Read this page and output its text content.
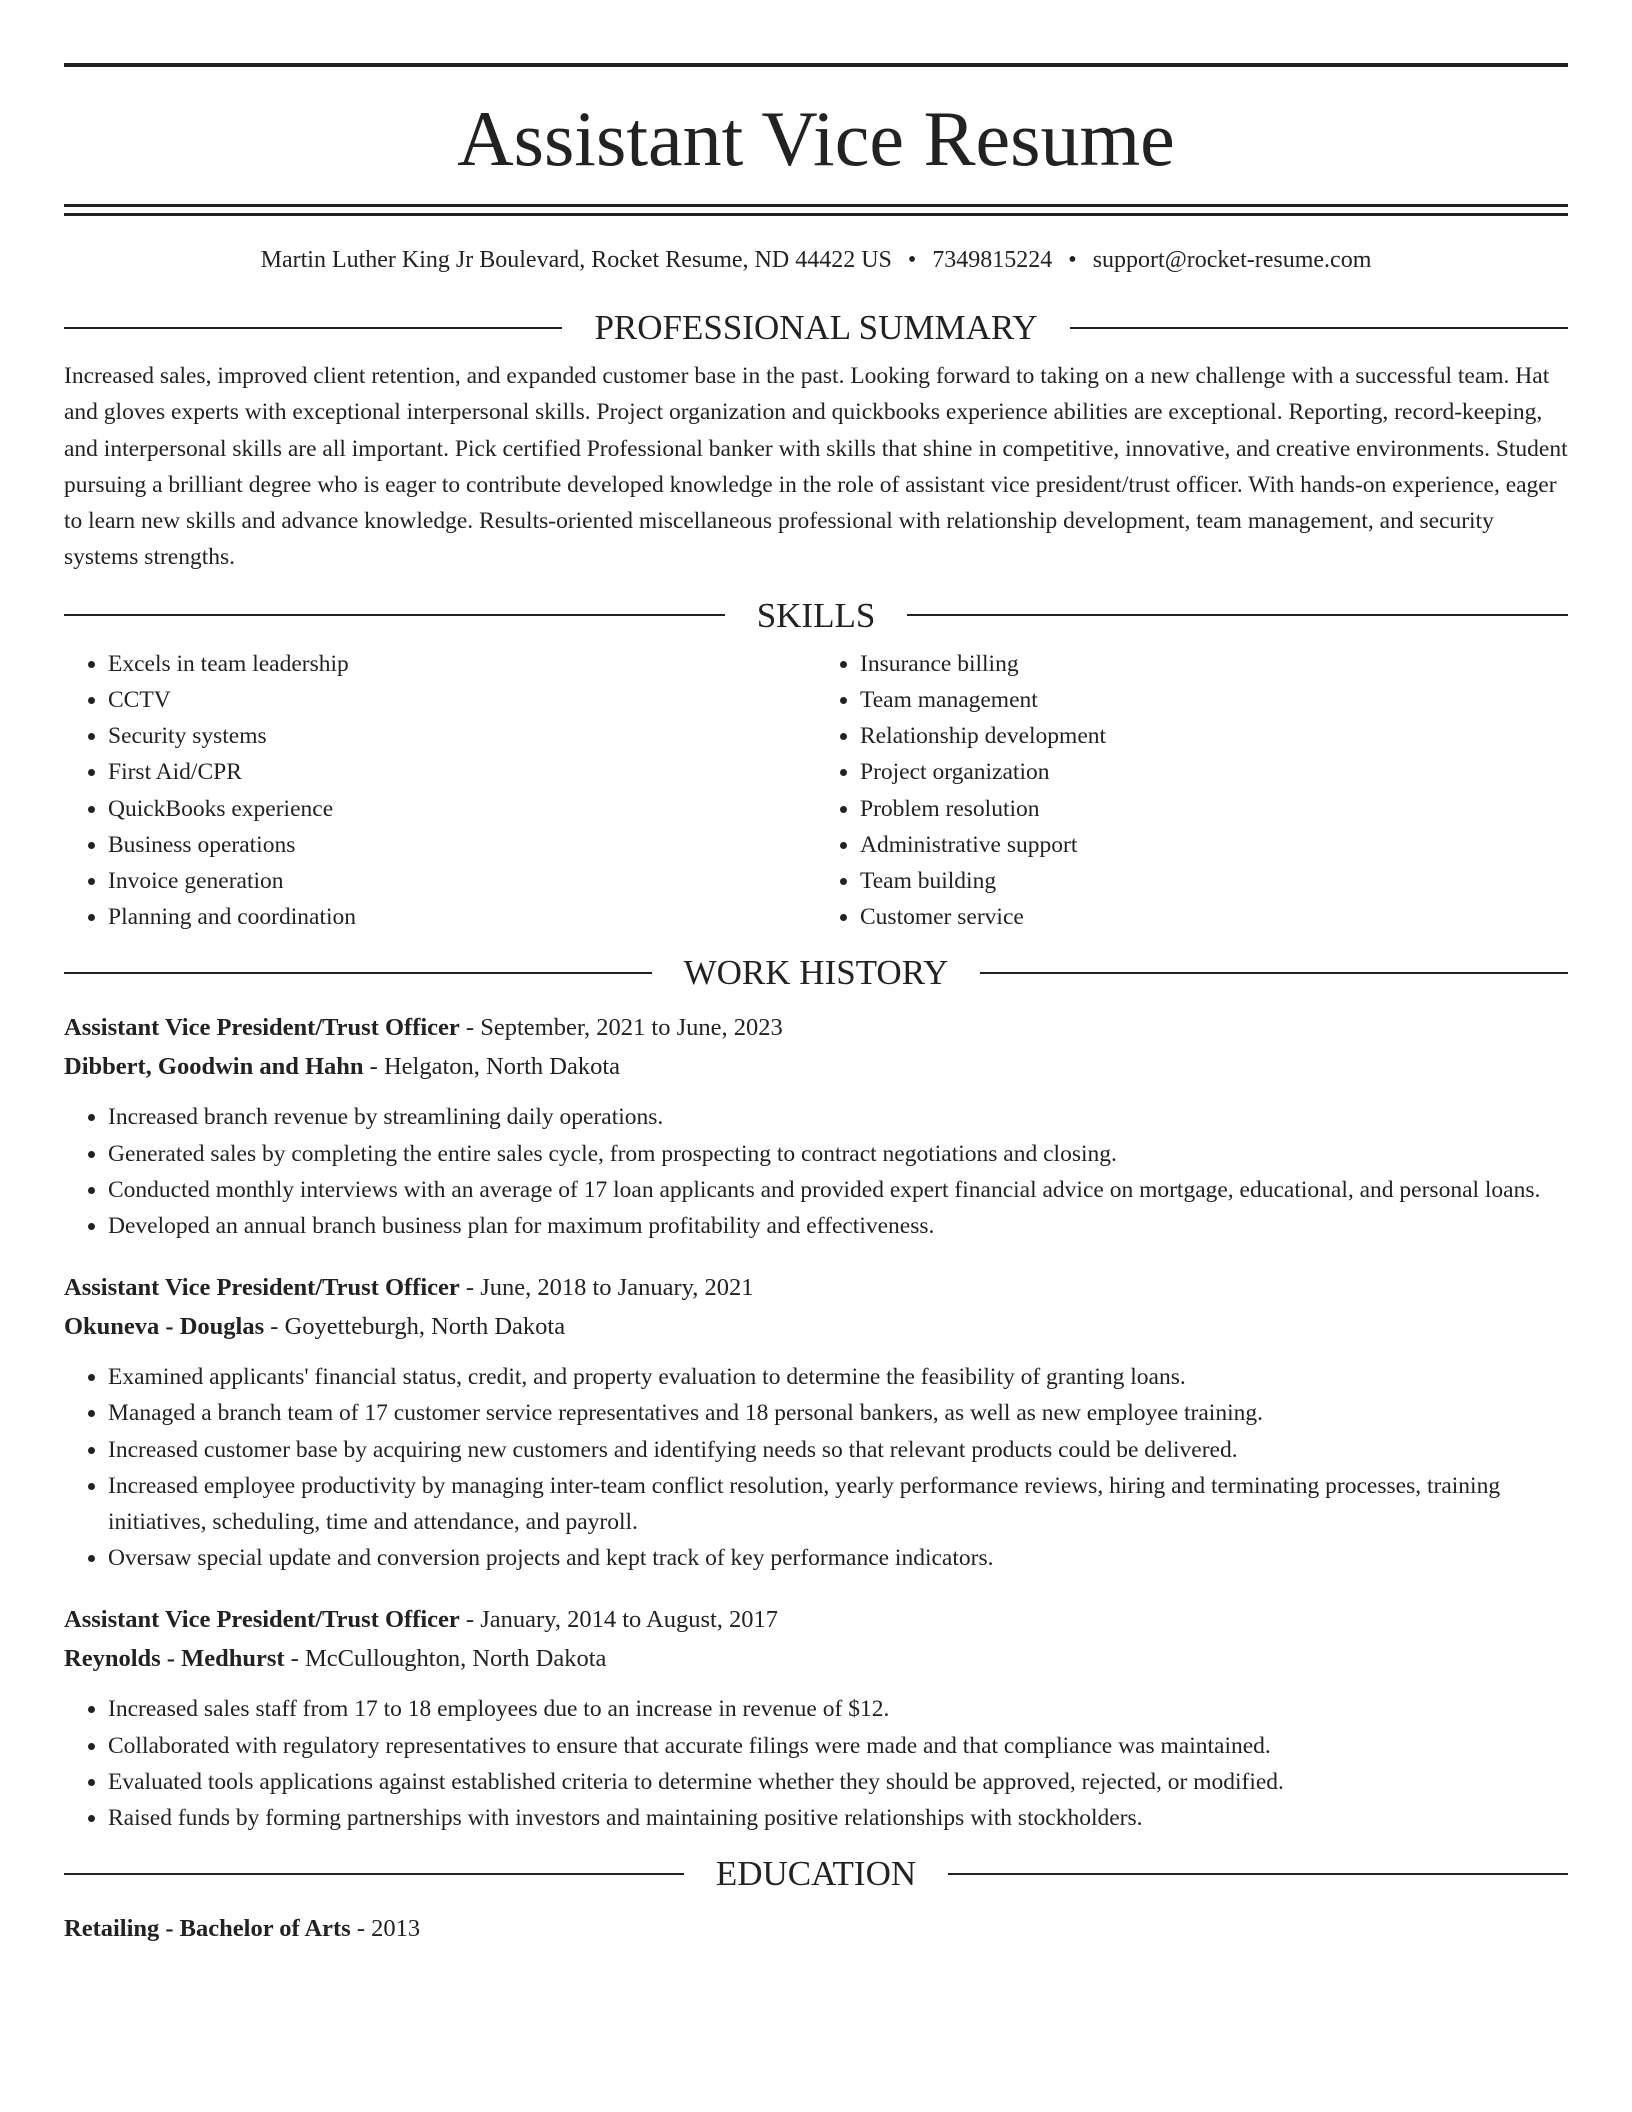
Assistant Vice Resume
Martin Luther King Jr Boulevard, Rocket Resume, ND 44422 US • 7349815224 • support@rocket-resume.com
PROFESSIONAL SUMMARY
Increased sales, improved client retention, and expanded customer base in the past. Looking forward to taking on a new challenge with a successful team. Hat and gloves experts with exceptional interpersonal skills. Project organization and quickbooks experience abilities are exceptional. Reporting, record-keeping, and interpersonal skills are all important. Pick certified Professional banker with skills that shine in competitive, innovative, and creative environments. Student pursuing a brilliant degree who is eager to contribute developed knowledge in the role of assistant vice president/trust officer. With hands-on experience, eager to learn new skills and advance knowledge. Results-oriented miscellaneous professional with relationship development, team management, and security systems strengths.
SKILLS
• Excels in team leadership
• CCTV
• Security systems
• First Aid/CPR
• QuickBooks experience
• Business operations
• Invoice generation
• Planning and coordination
• Insurance billing
• Team management
• Relationship development
• Project organization
• Problem resolution
• Administrative support
• Team building
• Customer service
WORK HISTORY
Assistant Vice President/Trust Officer - September, 2021 to June, 2023
Dibbert, Goodwin and Hahn - Helgaton, North Dakota
• Increased branch revenue by streamlining daily operations.
• Generated sales by completing the entire sales cycle, from prospecting to contract negotiations and closing.
• Conducted monthly interviews with an average of 17 loan applicants and provided expert financial advice on mortgage, educational, and personal loans.
• Developed an annual branch business plan for maximum profitability and effectiveness.
Assistant Vice President/Trust Officer - June, 2018 to January, 2021
Okuneva - Douglas - Goyetteburgh, North Dakota
• Examined applicants' financial status, credit, and property evaluation to determine the feasibility of granting loans.
• Managed a branch team of 17 customer service representatives and 18 personal bankers, as well as new employee training.
• Increased customer base by acquiring new customers and identifying needs so that relevant products could be delivered.
• Increased employee productivity by managing inter-team conflict resolution, yearly performance reviews, hiring and terminating processes, training initiatives, scheduling, time and attendance, and payroll.
• Oversaw special update and conversion projects and kept track of key performance indicators.
Assistant Vice President/Trust Officer - January, 2014 to August, 2017
Reynolds - Medhurst - McCulloughton, North Dakota
• Increased sales staff from 17 to 18 employees due to an increase in revenue of $12.
• Collaborated with regulatory representatives to ensure that accurate filings were made and that compliance was maintained.
• Evaluated tools applications against established criteria to determine whether they should be approved, rejected, or modified.
• Raised funds by forming partnerships with investors and maintaining positive relationships with stockholders.
EDUCATION
Retailing - Bachelor of Arts - 2013
